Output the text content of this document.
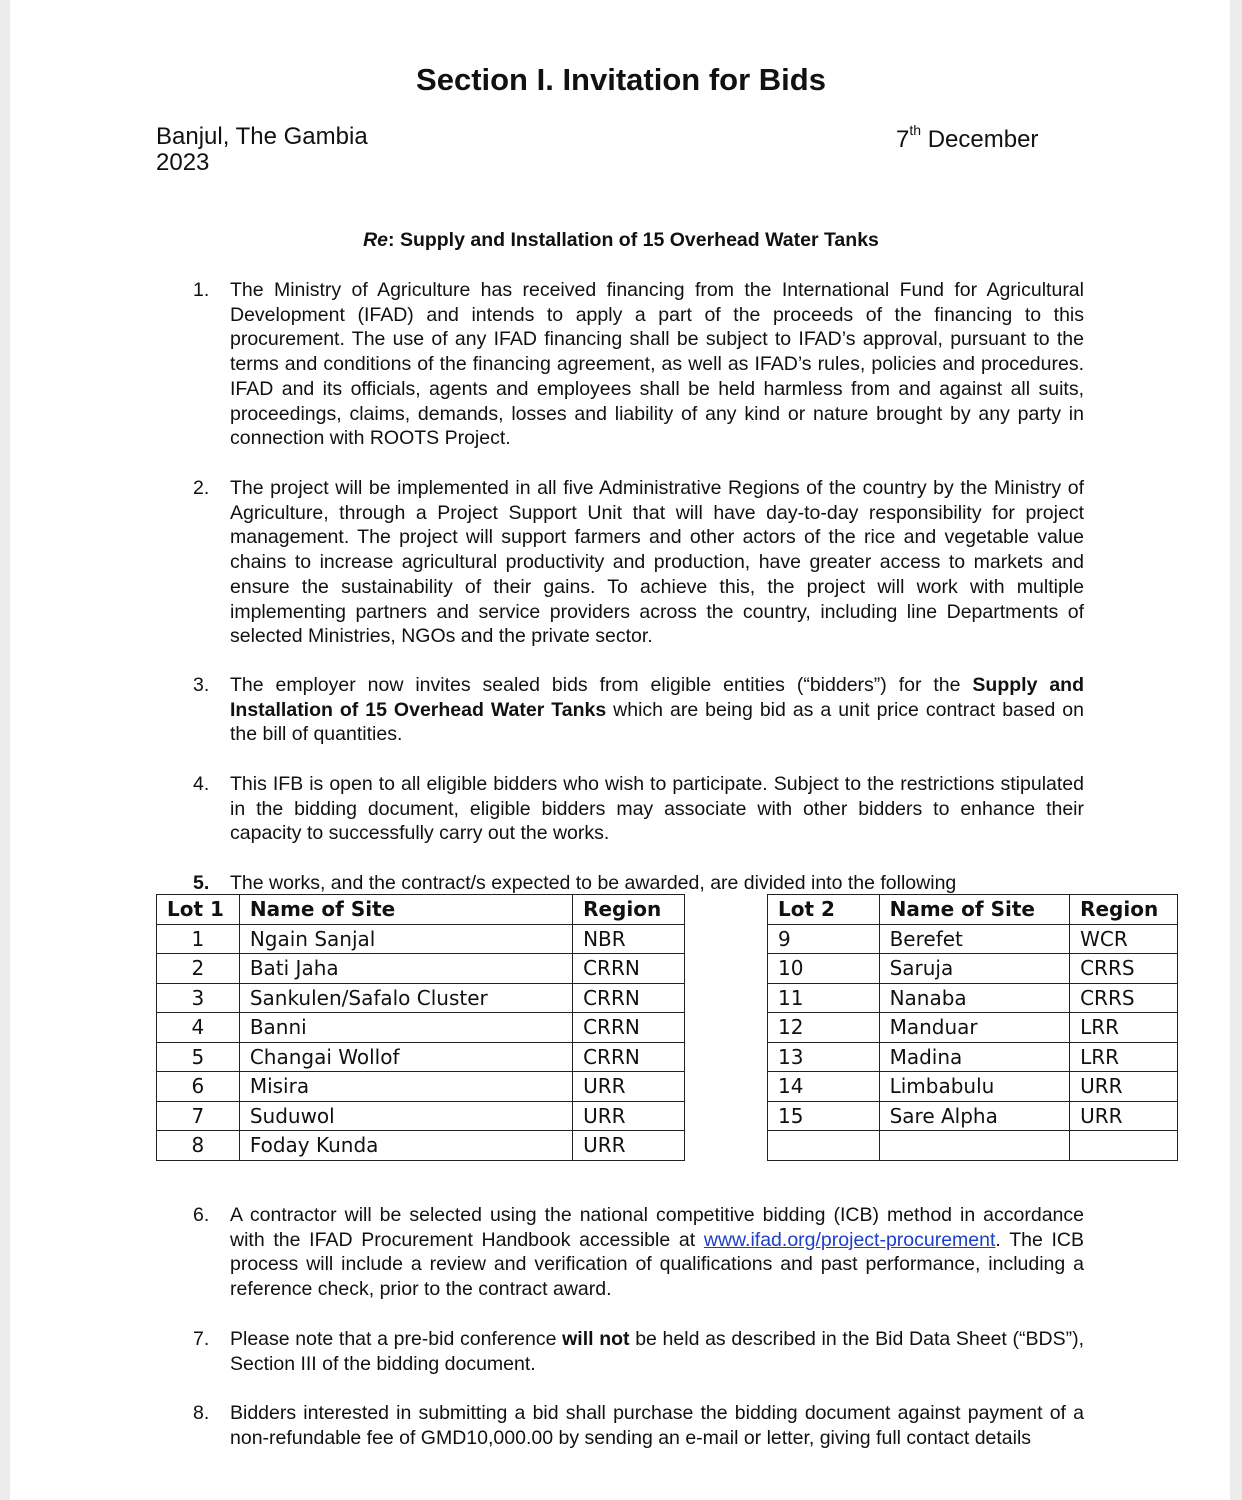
Section I. Invitation for Bids
Banjul, The Gambia
2023
7th December
Re: Supply and Installation of 15 Overhead Water Tanks
1. The Ministry of Agriculture has received financing from the International Fund for Agricultural Development (IFAD) and intends to apply a part of the proceeds of the financing to this procurement. The use of any IFAD financing shall be subject to IFAD’s approval, pursuant to the terms and conditions of the financing agreement, as well as IFAD’s rules, policies and procedures. IFAD and its officials, agents and employees shall be held harmless from and against all suits, proceedings, claims, demands, losses and liability of any kind or nature brought by any party in connection with ROOTS Project.
2. The project will be implemented in all five Administrative Regions of the country by the Ministry of Agriculture, through a Project Support Unit that will have day-to-day responsibility for project management. The project will support farmers and other actors of the rice and vegetable value chains to increase agricultural productivity and production, have greater access to markets and ensure the sustainability of their gains. To achieve this, the project will work with multiple implementing partners and service providers across the country, including line Departments of selected Ministries, NGOs and the private sector.
3. The employer now invites sealed bids from eligible entities (“bidders”) for the Supply and Installation of 15 Overhead Water Tanks which are being bid as a unit price contract based on the bill of quantities.
4. This IFB is open to all eligible bidders who wish to participate. Subject to the restrictions stipulated in the bidding document, eligible bidders may associate with other bidders to enhance their capacity to successfully carry out the works.
5. The works, and the contract/s expected to be awarded, are divided into the following
Lot 1	Name of Site	Region
1	Ngain Sanjal	NBR
2	Bati Jaha	CRRN
3	Sankulen/Safalo Cluster	CRRN
4	Banni	CRRN
5	Changai Wollof	CRRN
6	Misira	URR
7	Suduwol	URR
8	Foday Kunda	URR
Lot 2	Name of Site	Region
9	Berefet	WCR
10	Saruja	CRRS
11	Nanaba	CRRS
12	Manduar	LRR
13	Madina	LRR
14	Limbabulu	URR
15	Sare Alpha	URR

6. A contractor will be selected using the national competitive bidding (ICB) method in accordance with the IFAD Procurement Handbook accessible at www.ifad.org/project-procurement. The ICB process will include a review and verification of qualifications and past performance, including a reference check, prior to the contract award.
7. Please note that a pre-bid conference will not be held as described in the Bid Data Sheet (“BDS”), Section III of the bidding document.
8. Bidders interested in submitting a bid shall purchase the bidding document against payment of a non-refundable fee of GMD10,000.00 by sending an e-mail or letter, giving full contact details
